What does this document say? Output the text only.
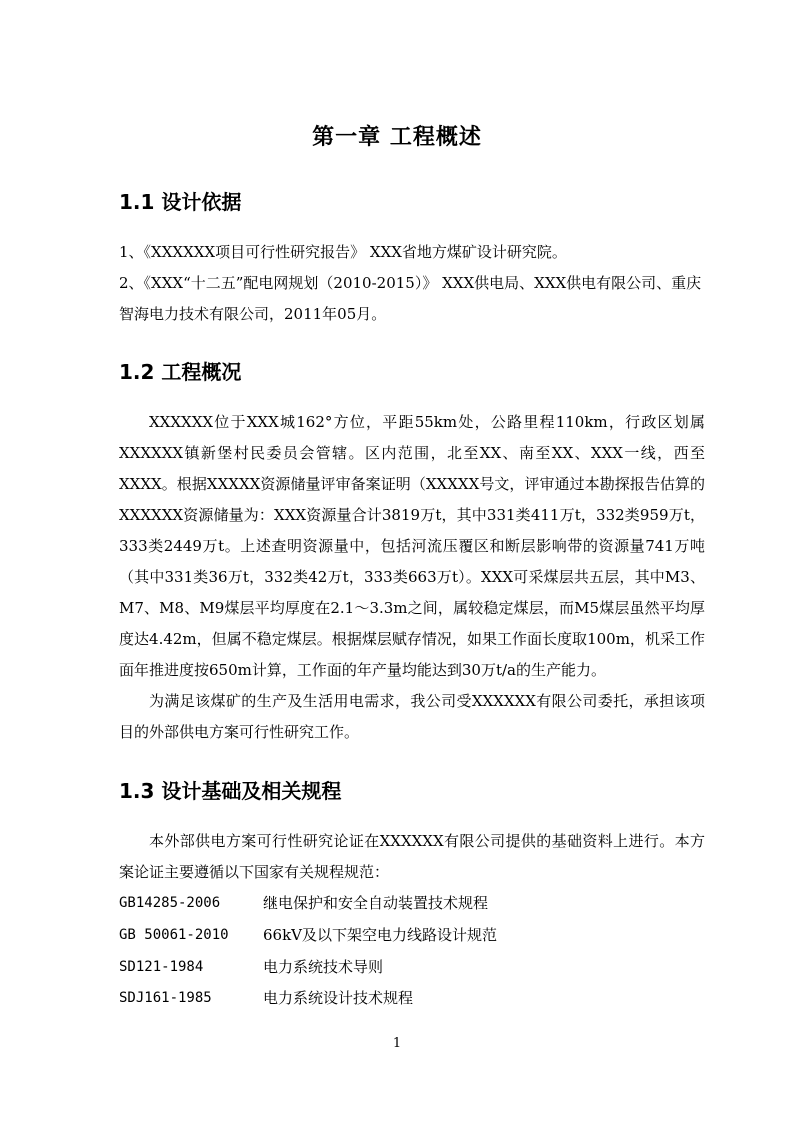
第一章 工程概述
1.1 设计依据
1、《XXXXXX项目可行性研究报告》 XXX省地方煤矿设计研究院。
2、《XXX“十二五”配电网规划（2010-2015）》 XXX供电局、XXX供电有限公司、重庆智海电力技术有限公司，2011年05月。
1.2 工程概况
XXXXXX位于XXX城162°方位，平距55km处，公路里程110km，行政区划属XXXXXX镇新堡村民委员会管辖。区内范围，北至XX、南至XX、XXX一线，西至XXXX。根据XXXXX资源储量评审备案证明（XXXXX号文，评审通过本勘探报告估算的XXXXXX资源储量为：XXX资源量合计3819万t，其中331类411万t，332类959万t，333类2449万t。上述查明资源量中，包括河流压覆区和断层影响带的资源量741万吨（其中331类36万t，332类42万t，333类663万t）。XXX可采煤层共五层，其中M3、M7、M8、M9煤层平均厚度在2.1～3.3m之间，属较稳定煤层，而M5煤层虽然平均厚度达4.42m，但属不稳定煤层。根据煤层赋存情况，如果工作面长度取100m，机采工作面年推进度按650m计算，工作面的年产量均能达到30万t/a的生产能力。
为满足该煤矿的生产及生活用电需求，我公司受XXXXXX有限公司委托，承担该项目的外部供电方案可行性研究工作。
1.3 设计基础及相关规程
本外部供电方案可行性研究论证在XXXXXX有限公司提供的基础资料上进行。本方案论证主要遵循以下国家有关规程规范：
GB14285-2006	继电保护和安全自动装置技术规程
GB 50061-2010 66kV及以下架空电力线路设计规范
SD121-1984	电力系统技术导则
SDJ161-1985	电力系统设计技术规程
1
